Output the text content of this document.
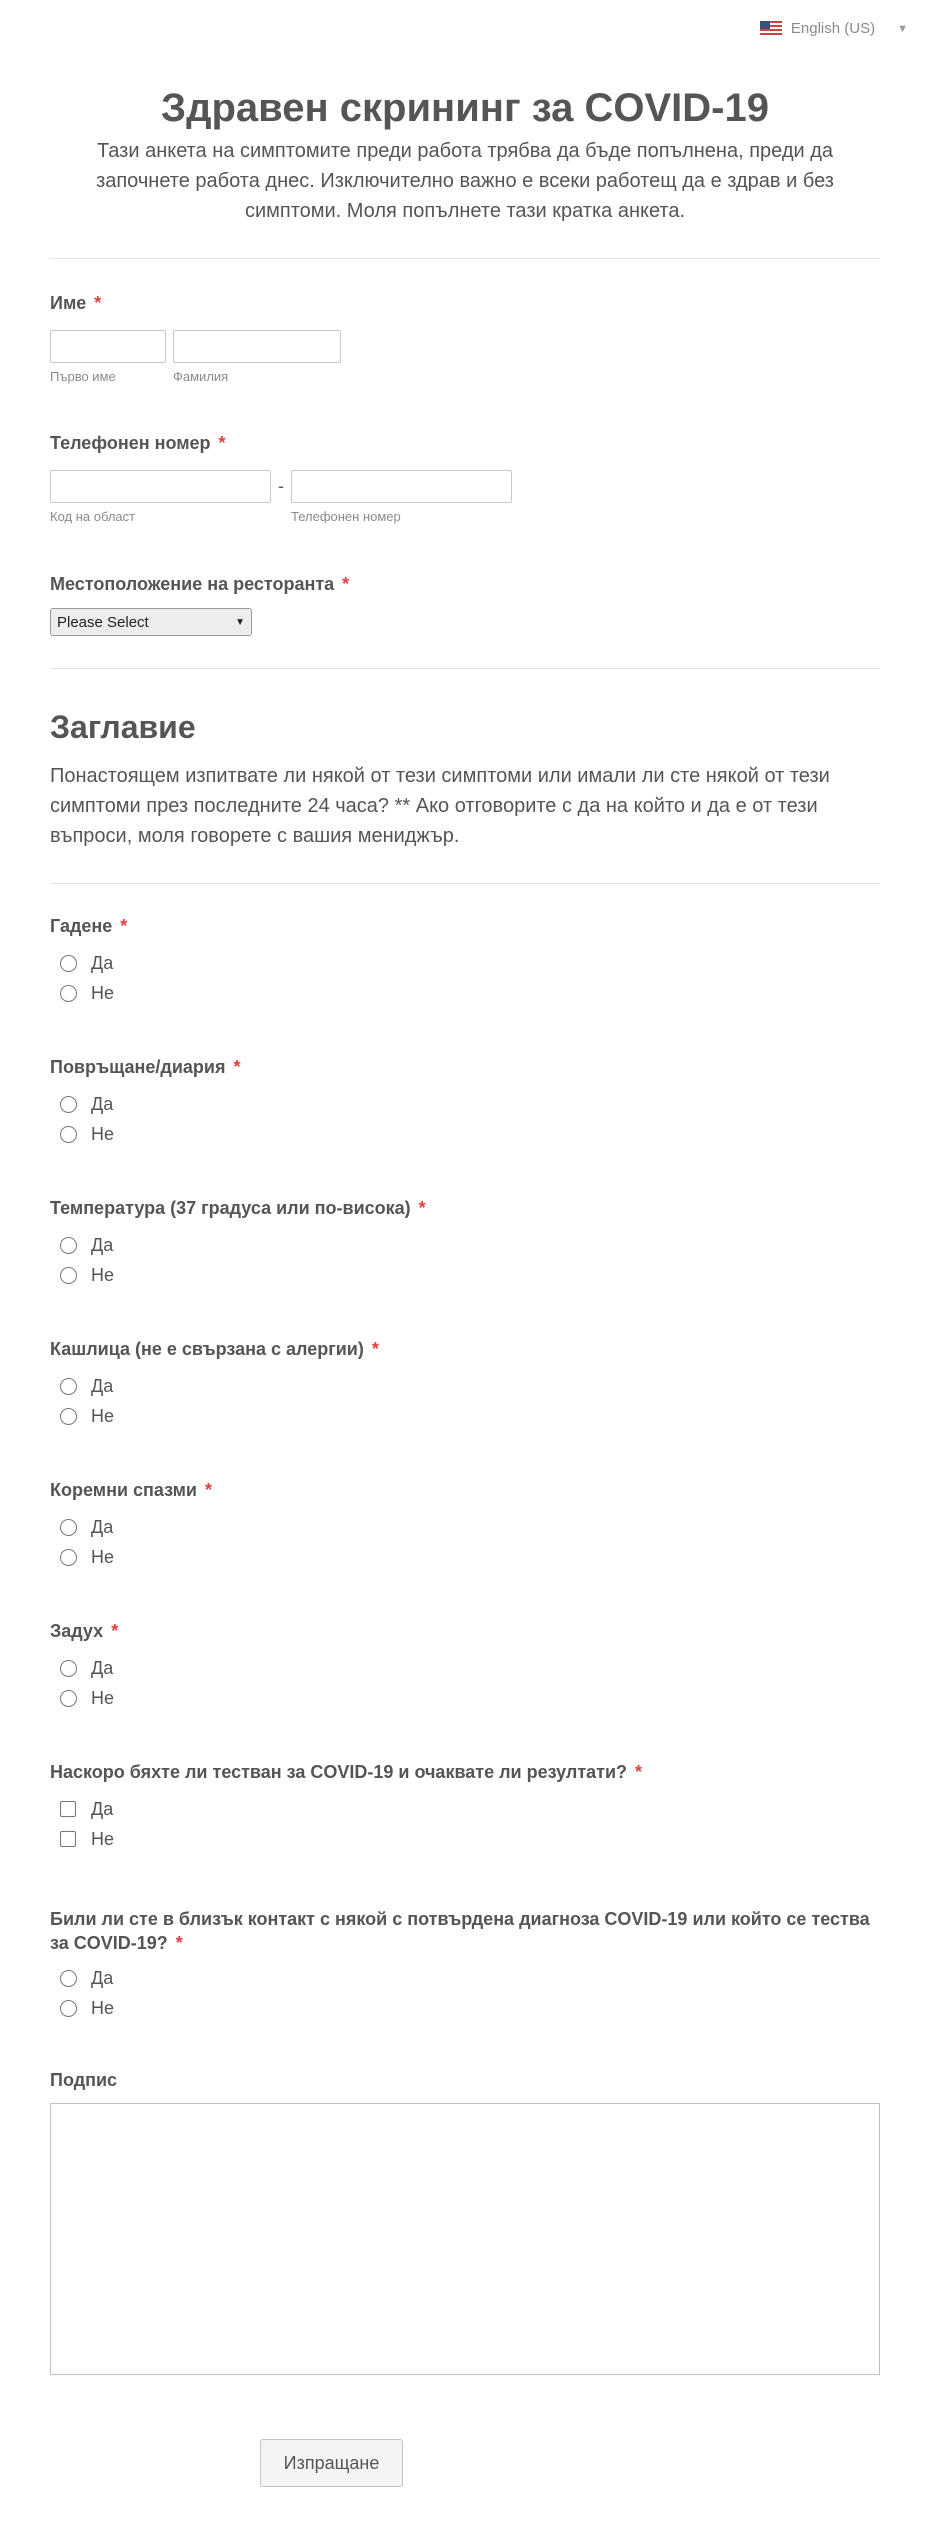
English (US) ▼
Здравен скрининг за COVID-19
Тази анкета на симптомите преди работа трябва да бъде попълнена, преди да започнете работа днес. Изключително важно е всеки работещ да е здрав и без симптоми. Моля попълнете тази кратка анкета.
Име *
Първо име	Фамилия
Телефонен номер *
Код на област
-
Телефонен номер
Местоположение на ресторанта *
Please Select	▼
Заглавие
Понастоящем изпитвате ли някой от тези симптоми или имали ли сте някой от тези симптоми през последните 24 часа? ** Ако отговорите с да на който и да е от тези въпроси, моля говорете с вашия мениджър.
Гадене *
Да
Не
Повръщане/диария *
Да
Не
Температура (37 градуса или по-висока) *
Да
Не
Кашлица (не е свързана с алергии) *
Да
Не
Коремни спазми *
Да
Не
Задух *
Да
Не
Наскоро бяхте ли тестван за COVID-19 и очаквате ли резултати? *
Да
Не
Били ли сте в близък контакт с някой с потвърдена диагноза COVID-19 или който се тества за COVID-19? *
Да
Не
Подпис
Изпращане
